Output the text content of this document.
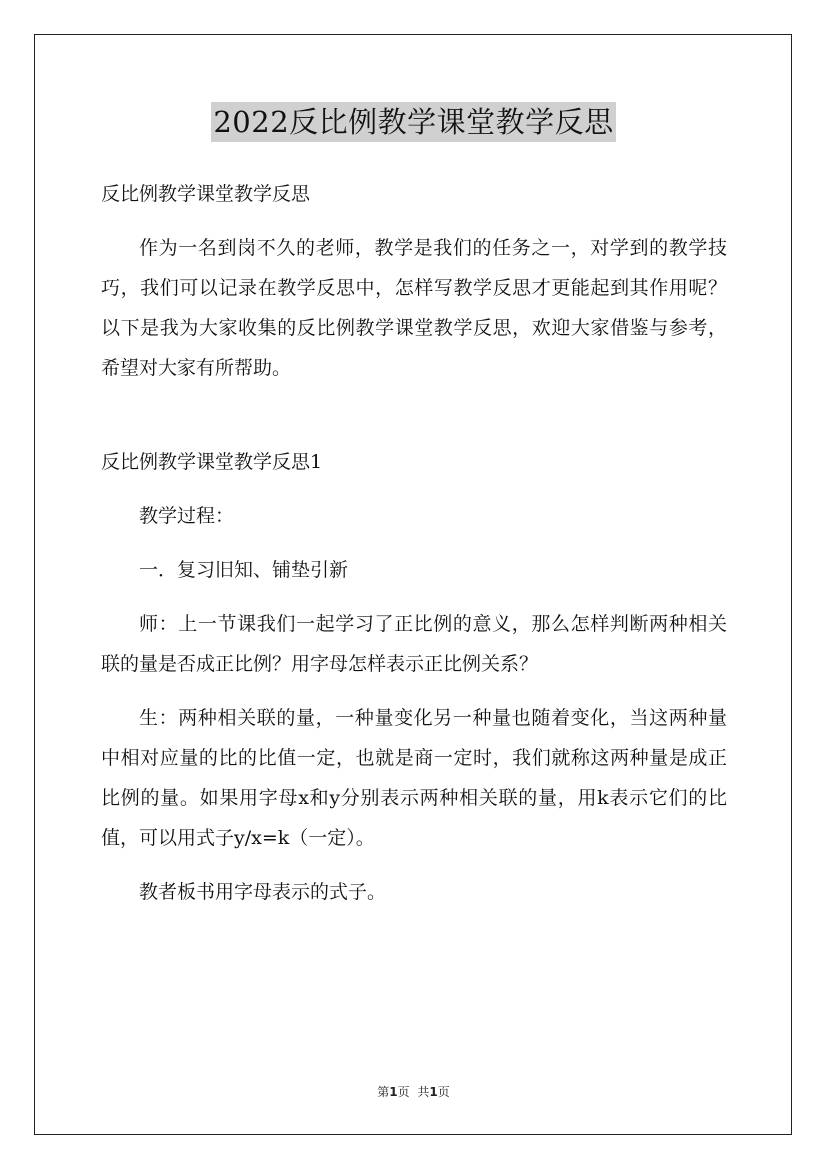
2022反比例教学课堂教学反思

反比例教学课堂教学反思

作为一名到岗不久的老师，教学是我们的任务之一，对学到的教学技巧，我们可以记录在教学反思中，怎样写教学反思才更能起到其作用呢？以下是我为大家收集的反比例教学课堂教学反思，欢迎大家借鉴与参考，希望对大家有所帮助。

反比例教学课堂教学反思1

教学过程：

一．复习旧知、铺垫引新

师：上一节课我们一起学习了正比例的意义，那么怎样判断两种相关联的量是否成正比例？用字母怎样表示正比例关系？

生：两种相关联的量，一种量变化另一种量也随着变化，当这两种量中相对应量的比的比值一定，也就是商一定时，我们就称这两种量是成正比例的量。如果用字母x和y分别表示两种相关联的量，用k表示它们的比值，可以用式子y/x=k（一定）。

教者板书用字母表示的式子。

第1页 共1页
